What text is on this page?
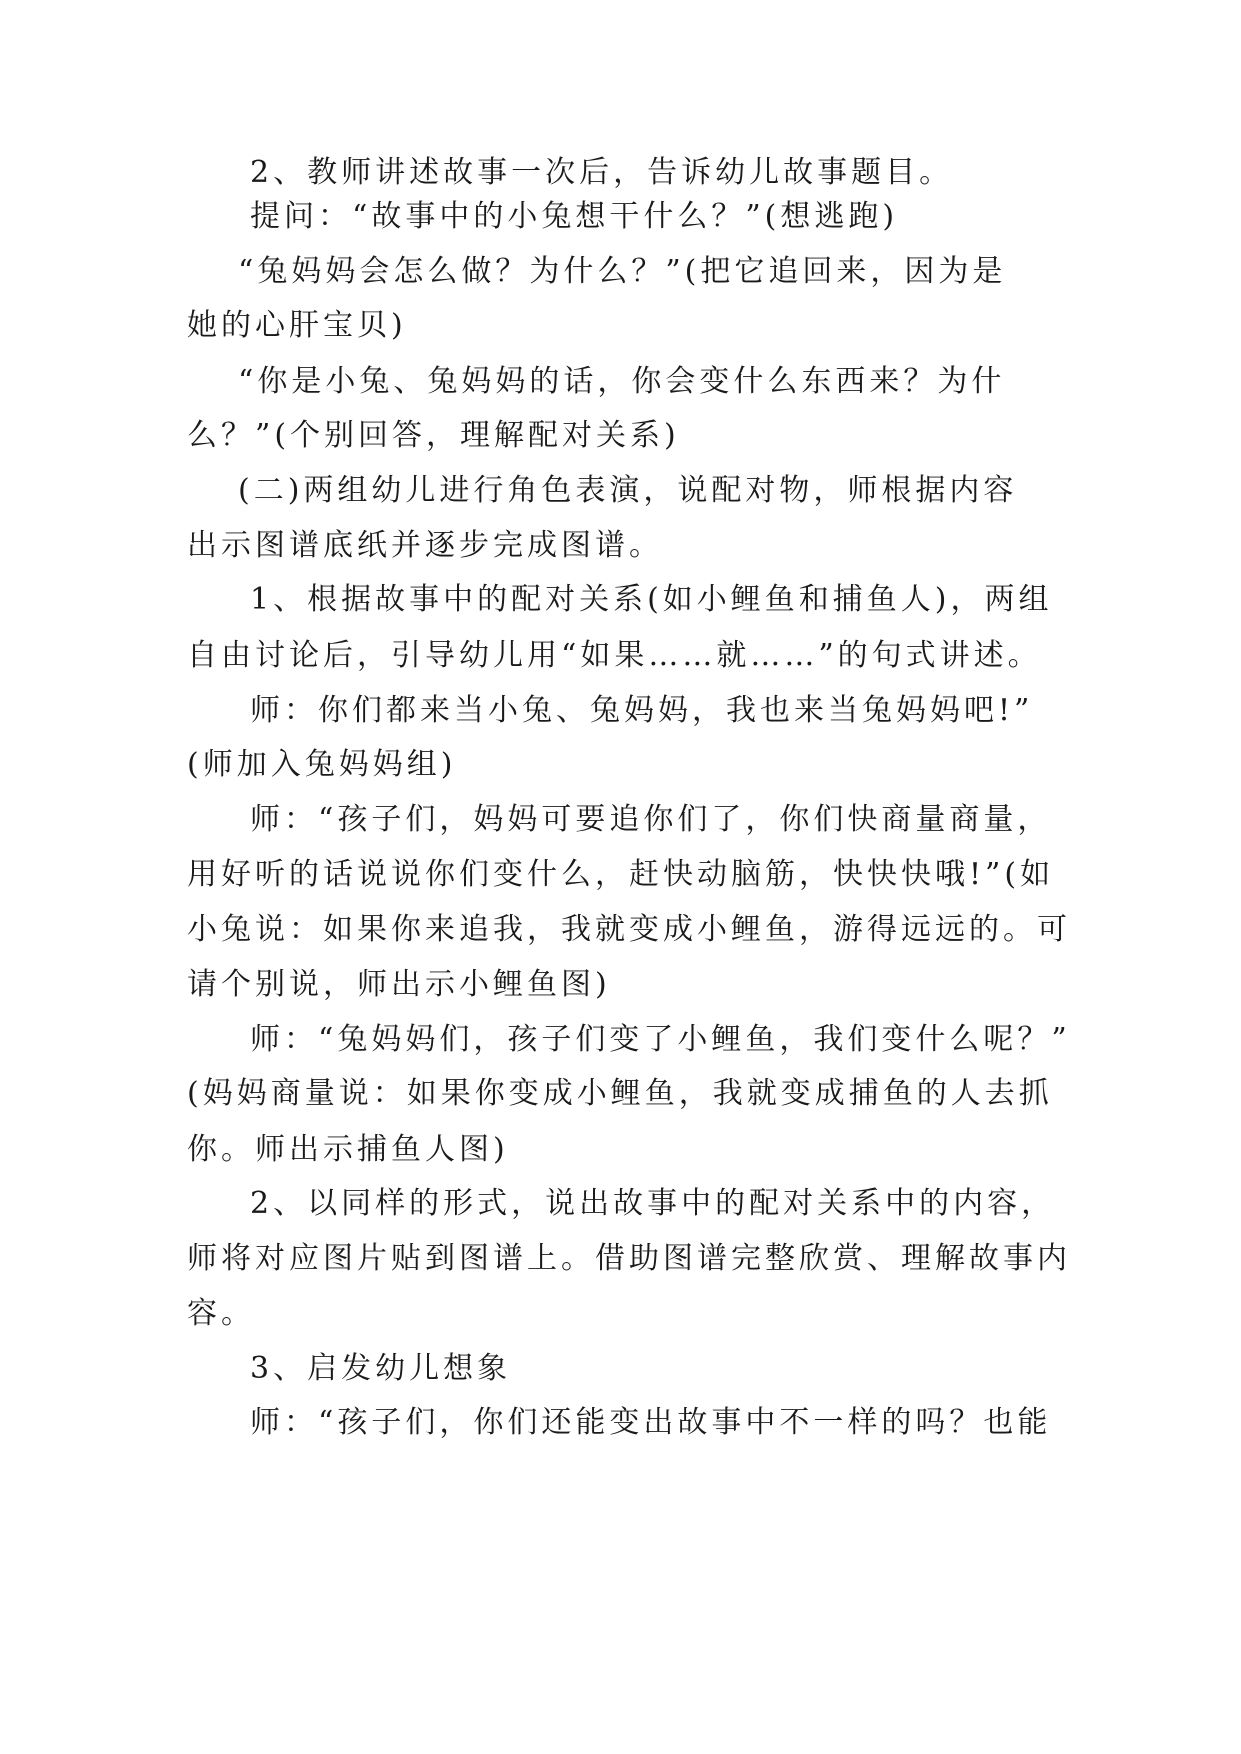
2、教师讲述故事一次后，告诉幼儿故事题目。
提问：“故事中的小兔想干什么？”(想逃跑)
“兔妈妈会怎么做？为什么？”(把它追回来，因为是
她的心肝宝贝)
“你是小兔、兔妈妈的话，你会变什么东西来？为什
么？”(个别回答，理解配对关系)
(二)两组幼儿进行角色表演，说配对物，师根据内容
出示图谱底纸并逐步完成图谱。
1、根据故事中的配对关系(如小鲤鱼和捕鱼人)，两组
自由讨论后，引导幼儿用“如果……就……”的句式讲述。
师：你们都来当小兔、兔妈妈，我也来当兔妈妈吧!”
(师加入兔妈妈组)
师：“孩子们，妈妈可要追你们了，你们快商量商量，
用好听的话说说你们变什么，赶快动脑筋，快快快哦!”(如
小兔说：如果你来追我，我就变成小鲤鱼，游得远远的。可
请个别说，师出示小鲤鱼图)
师：“兔妈妈们，孩子们变了小鲤鱼，我们变什么呢？”
(妈妈商量说：如果你变成小鲤鱼，我就变成捕鱼的人去抓
你。师出示捕鱼人图)
2、以同样的形式，说出故事中的配对关系中的内容，
师将对应图片贴到图谱上。借助图谱完整欣赏、理解故事内
容。
3、启发幼儿想象
师：“孩子们，你们还能变出故事中不一样的吗？也能
